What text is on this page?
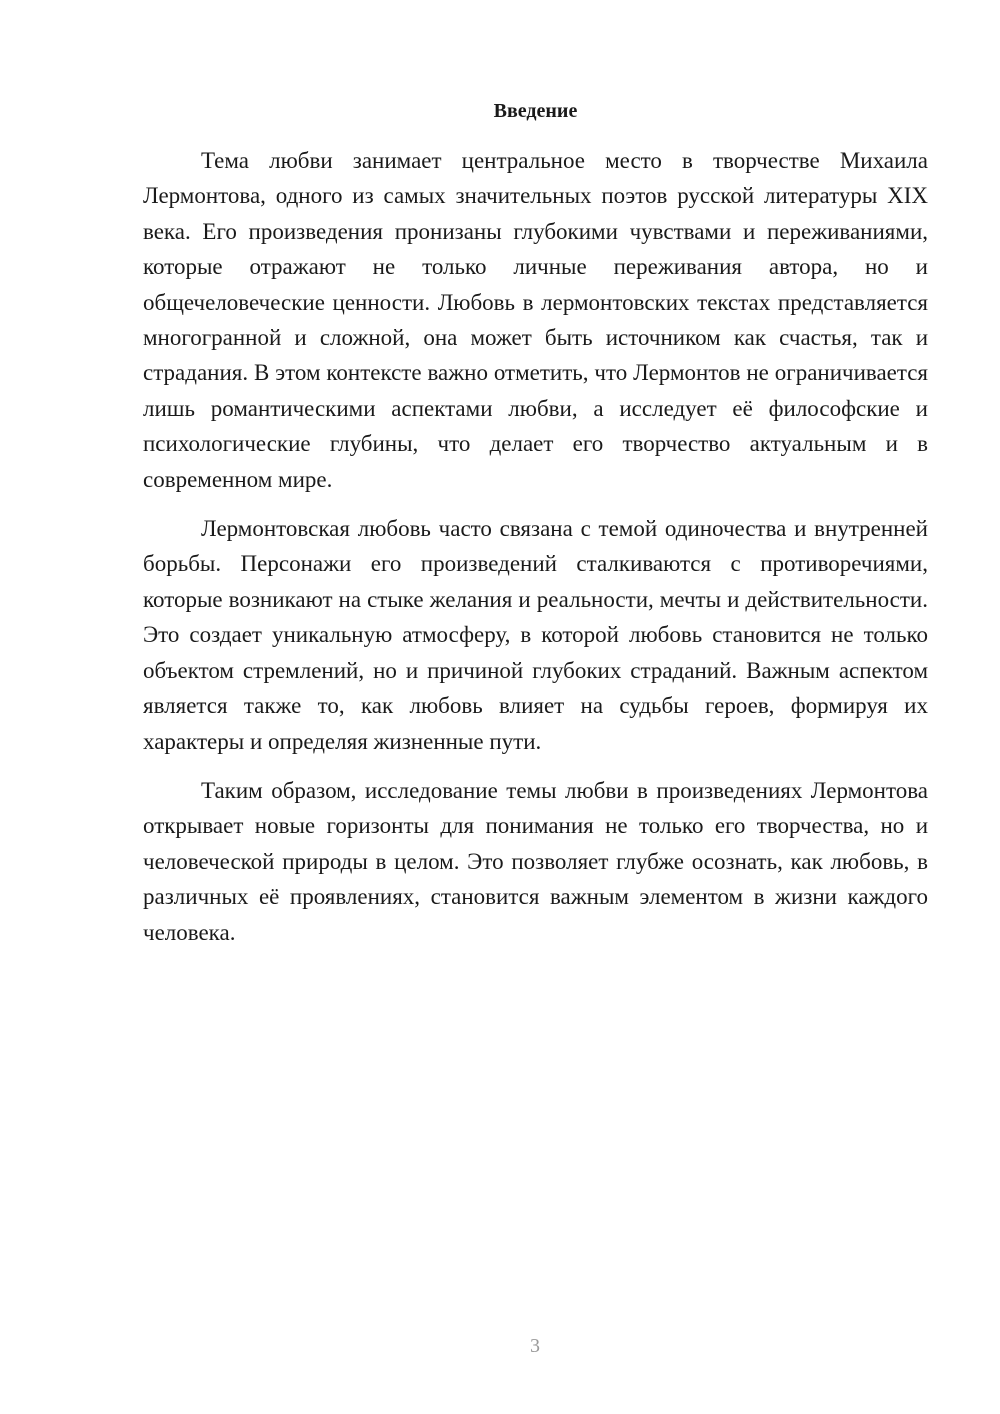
Введение

Тема любви занимает центральное место в творчестве Михаила Лермонтова, одного из самых значительных поэтов русской литературы XIX века. Его произведения пронизаны глубокими чувствами и переживаниями, которые отражают не только личные переживания автора, но и общечеловеческие ценности. Любовь в лермонтовских текстах представляется многогранной и сложной, она может быть источником как счастья, так и страдания. В этом контексте важно отметить, что Лермонтов не ограничивается лишь романтическими аспектами любви, а исследует её философские и психологические глубины, что делает его творчество актуальным и в современном мире.

Лермонтовская любовь часто связана с темой одиночества и внутренней борьбы. Персонажи его произведений сталкиваются с противоречиями, которые возникают на стыке желания и реальности, мечты и действительности. Это создает уникальную атмосферу, в которой любовь становится не только объектом стремлений, но и причиной глубоких страданий. Важным аспектом является также то, как любовь влияет на судьбы героев, формируя их характеры и определяя жизненные пути.

Таким образом, исследование темы любви в произведениях Лермонтова открывает новые горизонты для понимания не только его творчества, но и человеческой природы в целом. Это позволяет глубже осознать, как любовь, в различных её проявлениях, становится важным элементом в жизни каждого человека.

3
